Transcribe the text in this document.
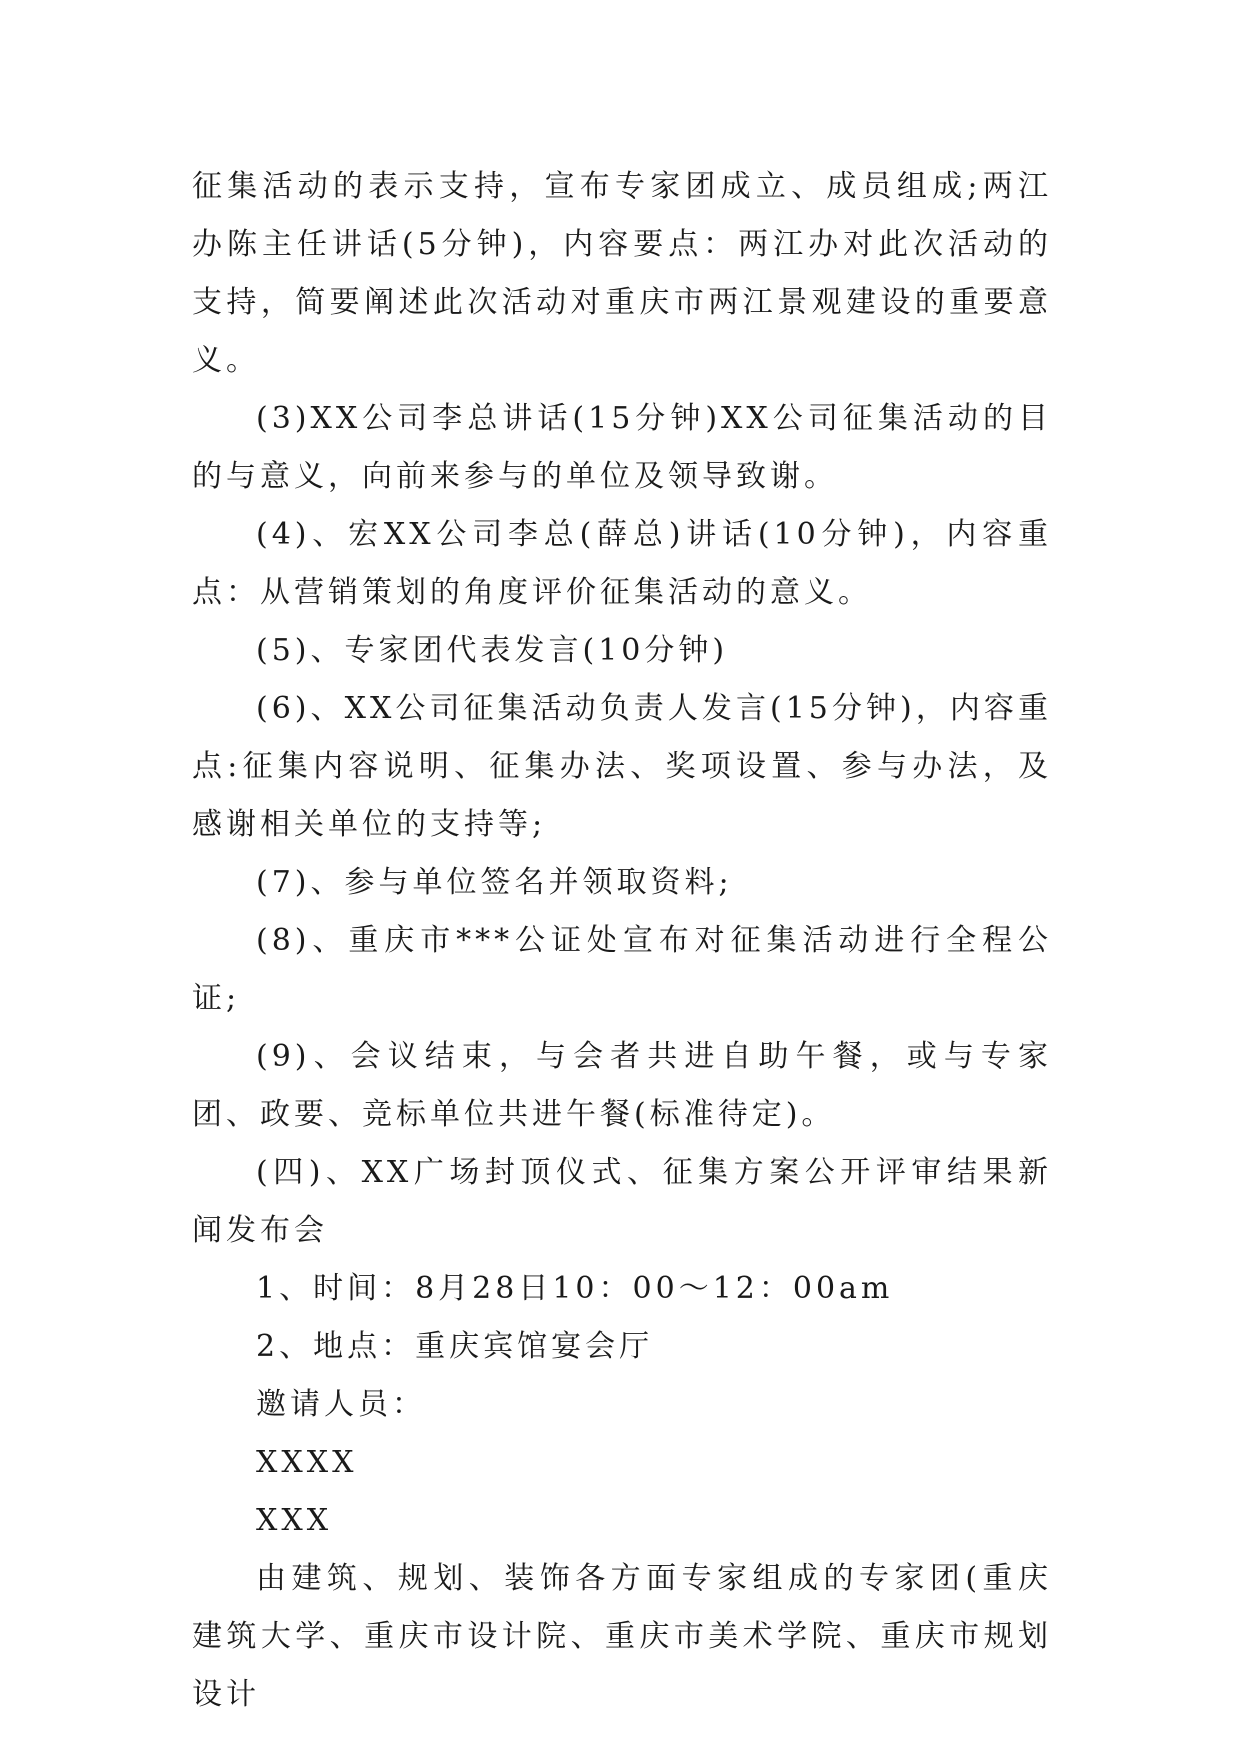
征集活动的表示支持，宣布专家团成立、成员组成;两江办陈主任讲话(5分钟)，内容要点：两江办对此次活动的支持，简要阐述此次活动对重庆市两江景观建设的重要意义。

(3)XX公司李总讲话(15分钟)XX公司征集活动的目的与意义，向前来参与的单位及领导致谢。

(4)、宏XX公司李总(薛总)讲话(10分钟)，内容重点：从营销策划的角度评价征集活动的意义。

(5)、专家团代表发言(10分钟)

(6)、XX公司征集活动负责人发言(15分钟)，内容重点:征集内容说明、征集办法、奖项设置、参与办法，及感谢相关单位的支持等;

(7)、参与单位签名并领取资料;

(8)、重庆市***公证处宣布对征集活动进行全程公证;

(9)、会议结束，与会者共进自助午餐，或与专家团、政要、竞标单位共进午餐(标准待定)。

(四)、XX广场封顶仪式、征集方案公开评审结果新闻发布会

1、时间：8月28日10：00～12：00am

2、地点：重庆宾馆宴会厅

邀请人员：

XXXX

XXX

由建筑、规划、装饰各方面专家组成的专家团(重庆建筑大学、重庆市设计院、重庆市美术学院、重庆市规划设计
